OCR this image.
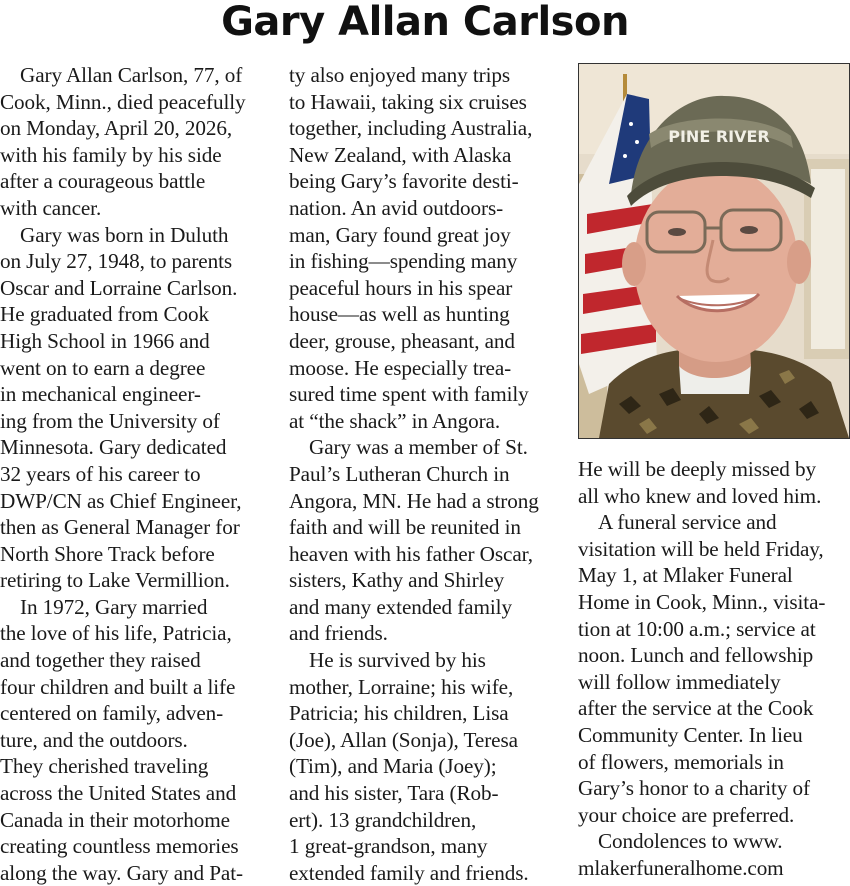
Gary Allan Carlson

Gary Allan Carlson, 77, of
Cook, Minn., died peacefully
on Monday, April 20, 2026,
with his family by his side
after a courageous battle
with cancer.

Gary was born in Duluth
on July 27, 1948, to parents
Oscar and Lorraine Carlson.
He graduated from Cook
High School in 1966 and
went on to earn a degree
in mechanical engineer-
ing from the University of
Minnesota. Gary dedicated
32 years of his career to
DWP/CN as Chief Engineer,
then as General Manager for
North Shore Track before
retiring to Lake Vermillion.

In 1972, Gary married
the love of his life, Patricia,
and together they raised
four children and built a life
centered on family, adven-
ture, and the outdoors.
They cherished traveling
across the United States and
Canada in their motorhome
creating countless memories
along the way. Gary and Pat-

ty also enjoyed many trips
to Hawaii, taking six cruises
together, including Australia,
New Zealand, with Alaska
being Gary’s favorite desti-
nation. An avid outdoors-
man, Gary found great joy
in fishing—spending many
peaceful hours in his spear
house—as well as hunting
deer, grouse, pheasant, and
moose. He especially trea-
sured time spent with family
at “the shack” in Angora.

Gary was a member of St.
Paul’s Lutheran Church in
Angora, MN. He had a strong
faith and will be reunited in
heaven with his father Oscar,
sisters, Kathy and Shirley
and many extended family
and friends.

He is survived by his
mother, Lorraine; his wife,
Patricia; his children, Lisa
(Joe), Allan (Sonja), Teresa
(Tim), and Maria (Joey);
and his sister, Tara (Rob-
ert). 13 grandchildren,
1 great-grandson, many
extended family and friends.

PINE RIVER

He will be deeply missed by
all who knew and loved him.

A funeral service and
visitation will be held Friday,
May 1, at Mlaker Funeral
Home in Cook, Minn., visita-
tion at 10:00 a.m.; service at
noon. Lunch and fellowship
will follow immediately
after the service at the Cook
Community Center. In lieu
of flowers, memorials in
Gary’s honor to a charity of
your choice are preferred.

Condolences to www.
mlakerfuneralhome.com
